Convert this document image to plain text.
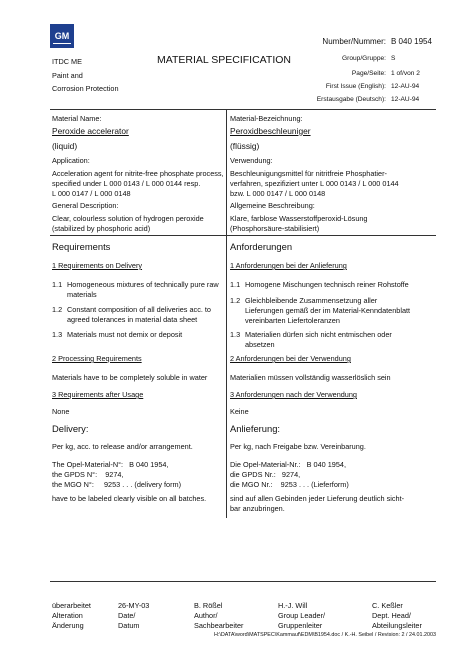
GM
ITDC ME
Paint and
Corrosion Protection
MATERIAL SPECIFICATION
Number/Nummer: B 040 1954
Group/Gruppe: S
Page/Seite: 1 of/von 2
First Issue (English): 12-AU-94
Erstausgabe (Deutsch): 12-AU-94
Material Name:
Peroxide accelerator
(liquid)
Application:
Acceleration agent for nitrite-free phosphate process,
specified under L 000 0143 / L 000 0144 resp.
L 000 0147 / L 000 0148
General Description:
Clear, colourless solution of hydrogen peroxide
(stabilized by phosphoric acid)
Material-Bezeichnung:
Peroxidbeschleuniger
(flüssig)
Verwendung:
Beschleunigungsmittel für nitritfreie Phosphatier-
verfahren, spezifiziert unter L 000 0143 / L 000 0144
bzw. L 000 0147 / L 000 0148
Allgemeine Beschreibung:
Klare, farblose Wasserstoffperoxid-Lösung
(Phosphorsäure-stabilisiert)
Requirements
1 Requirements on Delivery
1.1 Homogeneous mixtures of technically pure raw
materials
1.2 Constant composition of all deliveries acc. to
agreed tolerances in material data sheet
1.3 Materials must not demix or deposit
2 Processing Requirements
Materials have to be completely soluble in water
3 Requirements after Usage
None
Delivery:
Per kg, acc. to release and/or arrangement.
The Opel-Material-N°:   B 040 1954,
the GPDS N°:    9274,
the MGO N°:     9253 . . . (delivery form)
have to be labeled clearly visible on all batches.
Anforderungen
1 Anforderungen bei der Anlieferung
1.1 Homogene Mischungen technisch reiner Rohstoffe
1.2 Gleichbleibende Zusammensetzung aller
Lieferungen gemäß der im Material-Kenndatenblatt
vereinbarten Liefertoleranzen
1.3 Materialien dürfen sich nicht entmischen oder
absetzen
2 Anforderungen bei der Verwendung
Materialien müssen vollständig wasserlöslich sein
3 Anforderungen nach der Verwendung
Keine
Anlieferung:
Per kg, nach Freigabe bzw. Vereinbarung.
Die Opel-Material-Nr.:   B 040 1954,
die GPDS Nr.:   9274,
die MGO Nr.:    9253 . . . (Lieferform)
sind auf allen Gebinden jeder Lieferung deutlich sicht-
bar anzubringen.
überarbeitet
Alteration
Änderung
26-MY-03
Date/
Datum
B. Rößel
Author/
Sachbearbeiter
H.-J. Will
Group Leader/
Gruppenleiter
C. Keßler
Dept. Head/
Abteilungsleiter
H:\DATA\word\MATSPEC\Kammauf\EDM\B1954.doc / K.-H. Seibel / Revision: 2 / 24.01.2003
